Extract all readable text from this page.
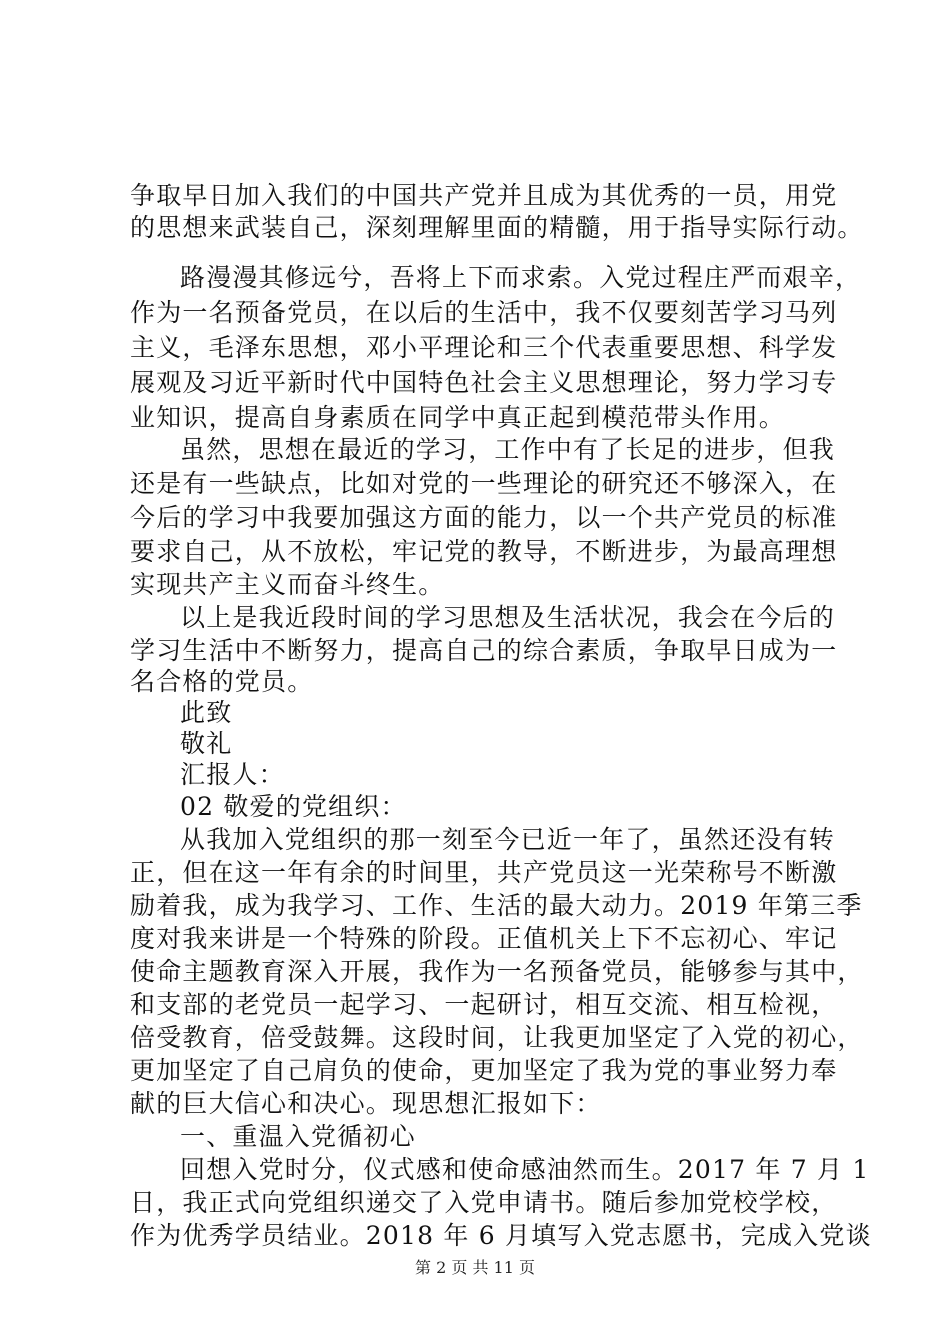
争取早日加入我们的中国共产党并且成为其优秀的一员，用党
的思想来武装自己，深刻理解里面的精髓，用于指导实际行动。
路漫漫其修远兮，吾将上下而求索。入党过程庄严而艰辛，
作为一名预备党员，在以后的生活中，我不仅要刻苦学习马列
主义，毛泽东思想，邓小平理论和三个代表重要思想、科学发
展观及习近平新时代中国特色社会主义思想理论，努力学习专
业知识，提高自身素质在同学中真正起到模范带头作用。
虽然，思想在最近的学习，工作中有了长足的进步，但我
还是有一些缺点，比如对党的一些理论的研究还不够深入，在
今后的学习中我要加强这方面的能力，以一个共产党员的标准
要求自己，从不放松，牢记党的教导，不断进步，为最高理想
实现共产主义而奋斗终生。
以上是我近段时间的学习思想及生活状况，我会在今后的
学习生活中不断努力，提高自己的综合素质，争取早日成为一
名合格的党员。
此致
敬礼
汇报人：
02 敬爱的党组织：
从我加入党组织的那一刻至今已近一年了，虽然还没有转
正，但在这一年有余的时间里，共产党员这一光荣称号不断激
励着我，成为我学习、工作、生活的最大动力。2019 年第三季
度对我来讲是一个特殊的阶段。正值机关上下不忘初心、牢记
使命主题教育深入开展，我作为一名预备党员，能够参与其中，
和支部的老党员一起学习、一起研讨，相互交流、相互检视，
倍受教育，倍受鼓舞。这段时间，让我更加坚定了入党的初心，
更加坚定了自己肩负的使命，更加坚定了我为党的事业努力奉
献的巨大信心和决心。现思想汇报如下：
一、重温入党循初心
回想入党时分，仪式感和使命感油然而生。2017 年 7 月 1
日，我正式向党组织递交了入党申请书。随后参加党校学校，
作为优秀学员结业。2018 年 6 月填写入党志愿书，完成入党谈
第 2 页 共 11 页
